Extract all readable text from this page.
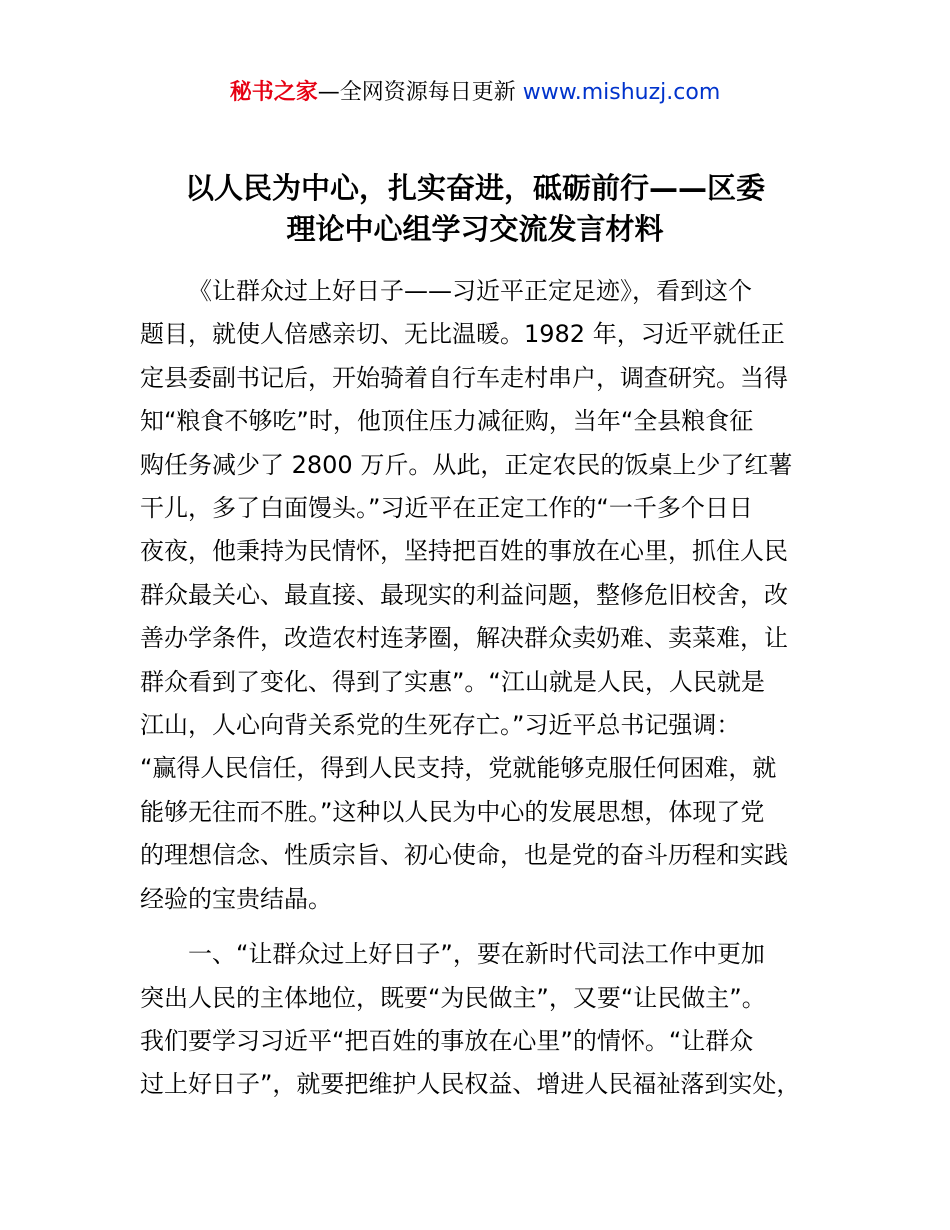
秘书之家—全网资源每日更新 www.mishuzj.com
以人民为中心，扎实奋进，砥砺前行——区委
理论中心组学习交流发言材料

《让群众过上好日子——习近平正定足迹》，看到这个
题目，就使人倍感亲切、无比温暖。1982 年，习近平就任正
定县委副书记后，开始骑着自行车走村串户，调查研究。当得
知“粮食不够吃”时，他顶住压力减征购，当年“全县粮食征
购任务减少了 2800 万斤。从此，正定农民的饭桌上少了红薯
干儿，多了白面馒头。”习近平在正定工作的“一千多个日日
夜夜，他秉持为民情怀，坚持把百姓的事放在心里，抓住人民
群众最关心、最直接、最现实的利益问题，整修危旧校舍，改
善办学条件，改造农村连茅圈，解决群众卖奶难、卖菜难，让
群众看到了变化、得到了实惠”。“江山就是人民，人民就是
江山，人心向背关系党的生死存亡。”习近平总书记强调：
“赢得人民信任，得到人民支持，党就能够克服任何困难，就
能够无往而不胜。”这种以人民为中心的发展思想，体现了党
的理想信念、性质宗旨、初心使命，也是党的奋斗历程和实践
经验的宝贵结晶。

一、“让群众过上好日子”，要在新时代司法工作中更加
突出人民的主体地位，既要“为民做主”，又要“让民做主”。
我们要学习习近平“把百姓的事放在心里”的情怀。“让群众
过上好日子”，就要把维护人民权益、增进人民福祉落到实处，
